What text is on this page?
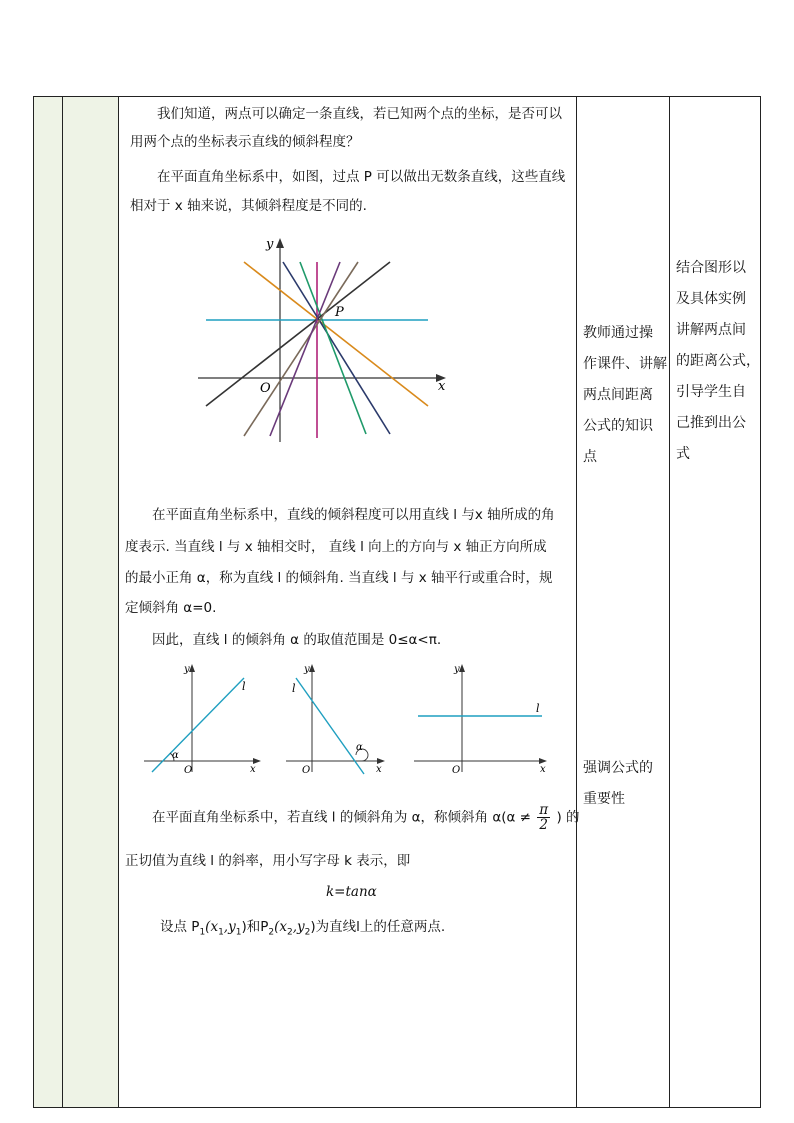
我们知道，两点可以确定一条直线，若已知两个点的坐标，是否可以
用两个点的坐标表示直线的倾斜程度？
在平面直角坐标系中，如图，过点 P 可以做出无数条直线，这些直线
相对于 x 轴来说，其倾斜程度是不同的.
y
x
O
P
在平面直角坐标系中，直线的倾斜程度可以用直线 l 与x 轴所成的角
度表示. 当直线 l 与 x 轴相交时， 直线 l 向上的方向与 x 轴正方向所成
的最小正角 α，称为直线 l 的倾斜角. 当直线 l 与 x 轴平行或重合时，规
定倾斜角 α=0.
因此，直线 l 的倾斜角 α 的取值范围是 0≤α<π.
y
x
O
l
α
y
x
O
l
α
y
x
O
l
在平面直角坐标系中，若直线 l 的倾斜角为 α，称倾斜角 $\alpha(\alpha \ne \frac{\pi}{2}$ ) 的
正切值为直线 l 的斜率，用小写字母 k 表示，即
k=tanα
设点 $P_1(x_1,y_1)$和$P_2(x_2,y_2)$为直线l上的任意两点.
教师通过操
作课件、讲解
两点间距离
公式的知识
点
强调公式的
重要性
结合图形以
及具体实例
讲解两点间
的距离公式，
引导学生自
己推到出公
式
